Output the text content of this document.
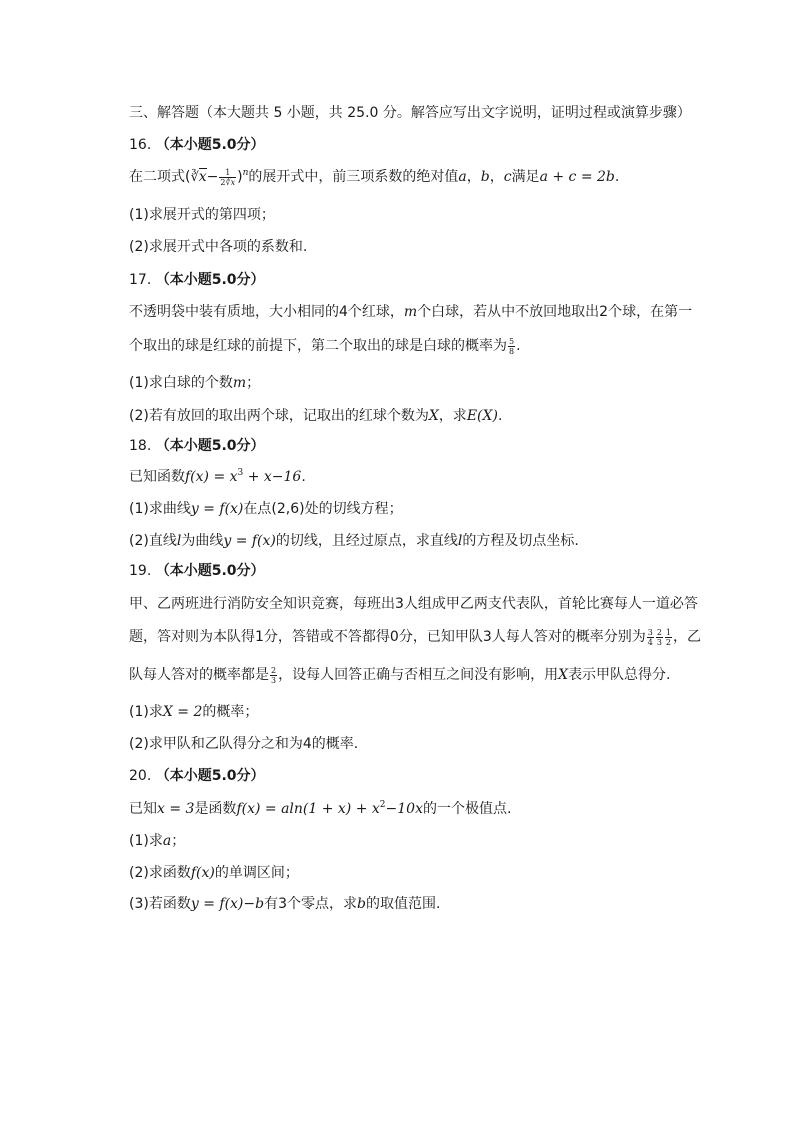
三、解答题（本大题共 5 小题，共 25.0 分。解答应写出文字说明，证明过程或演算步骤）
16. （本小题5.0分）
在二项式(∛x− $\frac{1}{2∛x} )^n$的展开式中，前三项系数的绝对值a，b，c满足a + c = 2b.
(1)求展开式的第四项；
(2)求展开式中各项的系数和.
17. （本小题5.0分）
不透明袋中装有质地，大小相同的4个红球，m个白球，若从中不放回地取出2个球，在第一
个取出的球是红球的前提下，第二个取出的球是白球的概率为 $\frac{5}{8}$ .
(1)求白球的个数m；
(2)若有放回的取出两个球，记取出的红球个数为X，求E(X).
18. （本小题5.0分）
已知函数$f(x) = x^3 + x-16$.
(1)求曲线y = f(x)在点(2,6)处的切线方程；
(2)直线l为曲线y = f(x)的切线，且经过原点，求直线l的方程及切点坐标.
19. （本小题5.0分）
甲、乙两班进行消防安全知识竞赛，每班出3人组成甲乙两支代表队，首轮比赛每人一道必答
题，答对则为本队得1分，答错或不答都得0分，已知甲队3人每人答对的概率分别为 $\frac{3}{4} \frac{2}{3} \frac{1}{2}$ ，乙
队每人答对的概率都是 $\frac{2}{3}$ ，设每人回答正确与否相互之间没有影响，用X表示甲队总得分.
(1)求X = 2的概率；
(2)求甲队和乙队得分之和为4的概率.
20. （本小题5.0分）
已知x = 3是函数$f(x) = aln(1 + x) + x^2-10x$的一个极值点.
(1)求a；
(2)求函数f(x)的单调区间；
(3)若函数y = f(x)−b有3个零点，求b的取值范围.
